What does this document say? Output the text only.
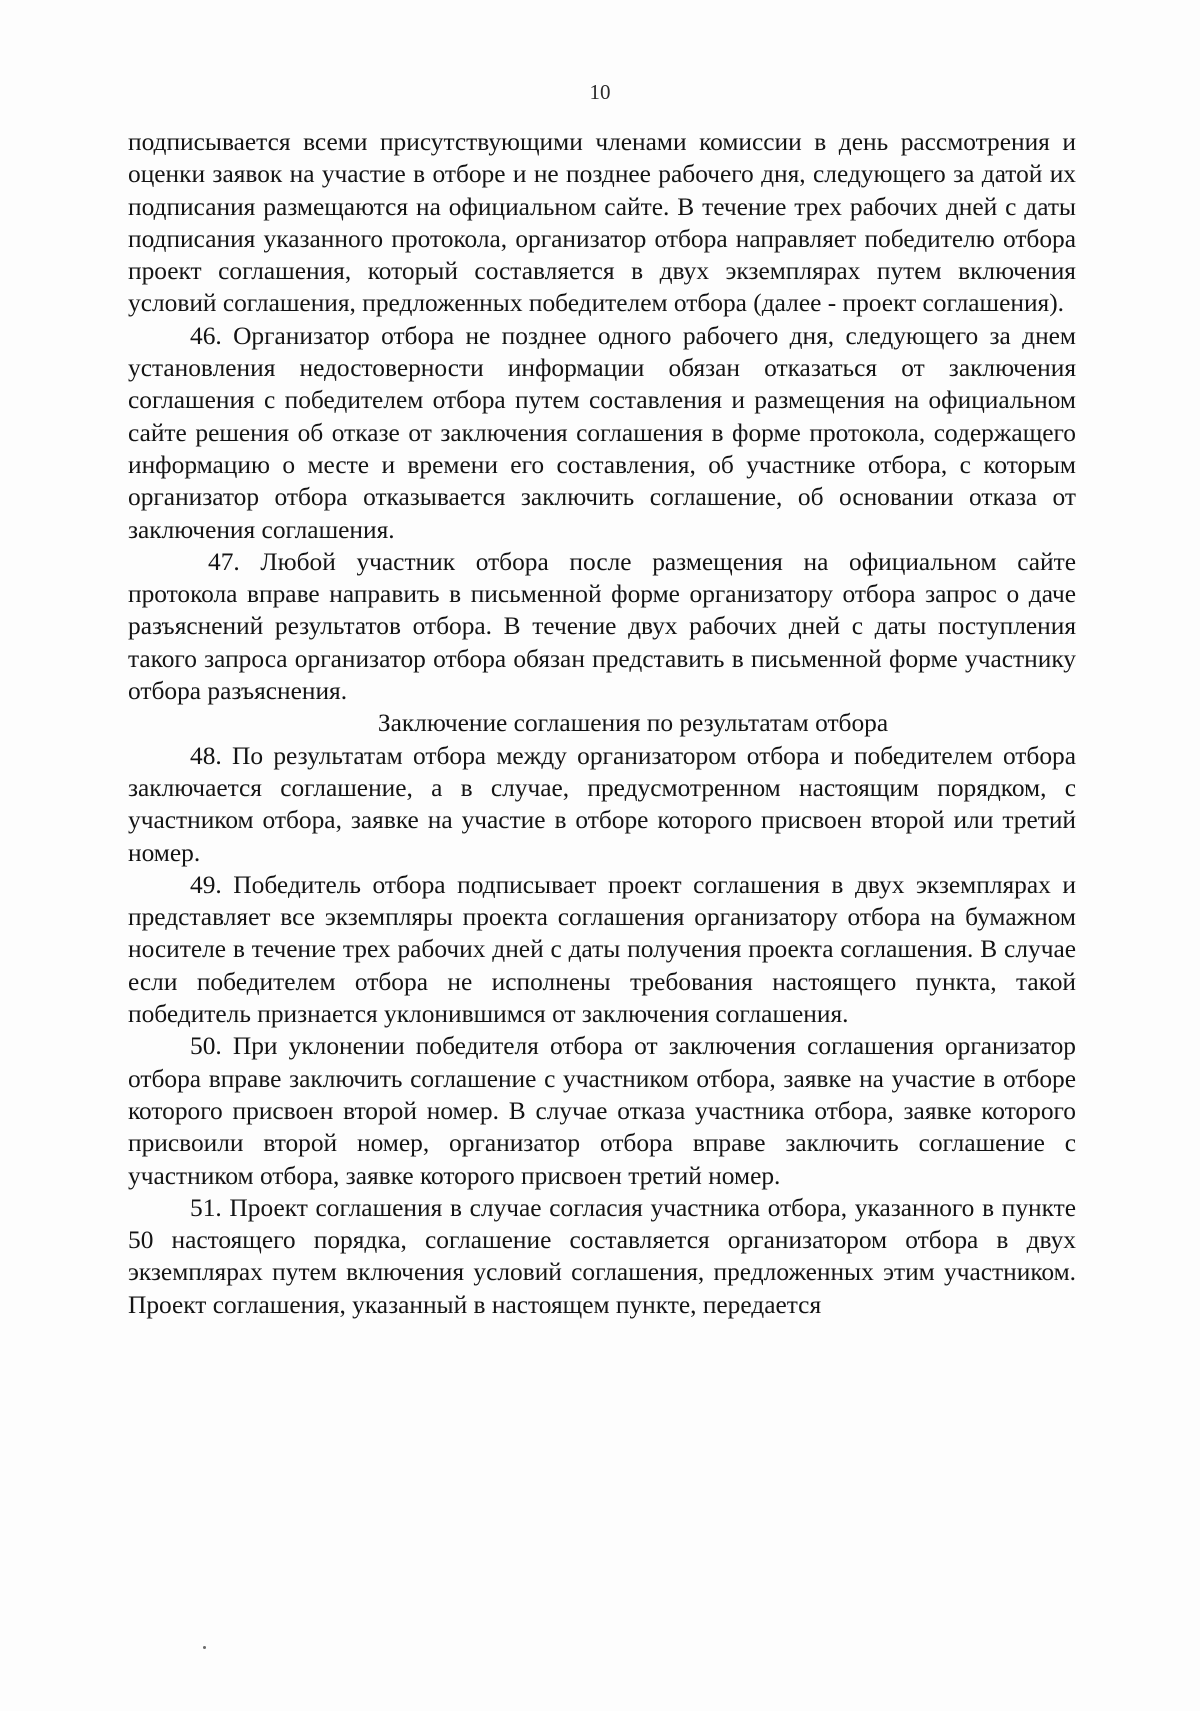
10

подписывается всеми присутствующими членами комиссии в день рассмотрения и оценки заявок на участие в отборе и не позднее рабочего дня, следующего за датой их подписания размещаются на официальном сайте. В течение трех рабочих дней с даты подписания указанного протокола, организатор отбора направляет победителю отбора проект соглашения, который составляется в двух экземплярах путем включения условий соглашения, предложенных победителем отбора (далее - проект соглашения).

46. Организатор отбора не позднее одного рабочего дня, следующего за днем установления недостоверности информации обязан отказаться от заключения соглашения с победителем отбора путем составления и размещения на официальном сайте решения об отказе от заключения соглашения в форме протокола, содержащего информацию о месте и времени его составления, об участнике отбора, с которым организатор отбора отказывается заключить соглашение, об основании отказа от заключения соглашения.

47. Любой участник отбора после размещения на официальном сайте протокола вправе направить в письменной форме организатору отбора запрос о даче разъяснений результатов отбора. В течение двух рабочих дней с даты поступления такого запроса организатор отбора обязан представить в письменной форме участнику отбора разъяснения.

Заключение соглашения по результатам отбора

48. По результатам отбора между организатором отбора и победителем отбора заключается соглашение, а в случае, предусмотренном настоящим порядком, с участником отбора, заявке на участие в отборе которого присвоен второй или третий номер.

49. Победитель отбора подписывает проект соглашения в двух экземплярах и представляет все экземпляры проекта соглашения организатору отбора на бумажном носителе в течение трех рабочих дней с даты получения проекта соглашения. В случае если победителем отбора не исполнены требования настоящего пункта, такой победитель признается уклонившимся от заключения соглашения.

50. При уклонении победителя отбора от заключения соглашения организатор отбора вправе заключить соглашение с участником отбора, заявке на участие в отборе которого присвоен второй номер. В случае отказа участника отбора, заявке которого присвоили второй номер, организатор отбора вправе заключить соглашение с участником отбора, заявке которого присвоен третий номер.

51. Проект соглашения в случае согласия участника отбора, указанного в пункте 50 настоящего порядка, соглашение составляется организатором отбора в двух экземплярах путем включения условий соглашения, предложенных этим участником. Проект соглашения, указанный в настоящем пункте, передается
